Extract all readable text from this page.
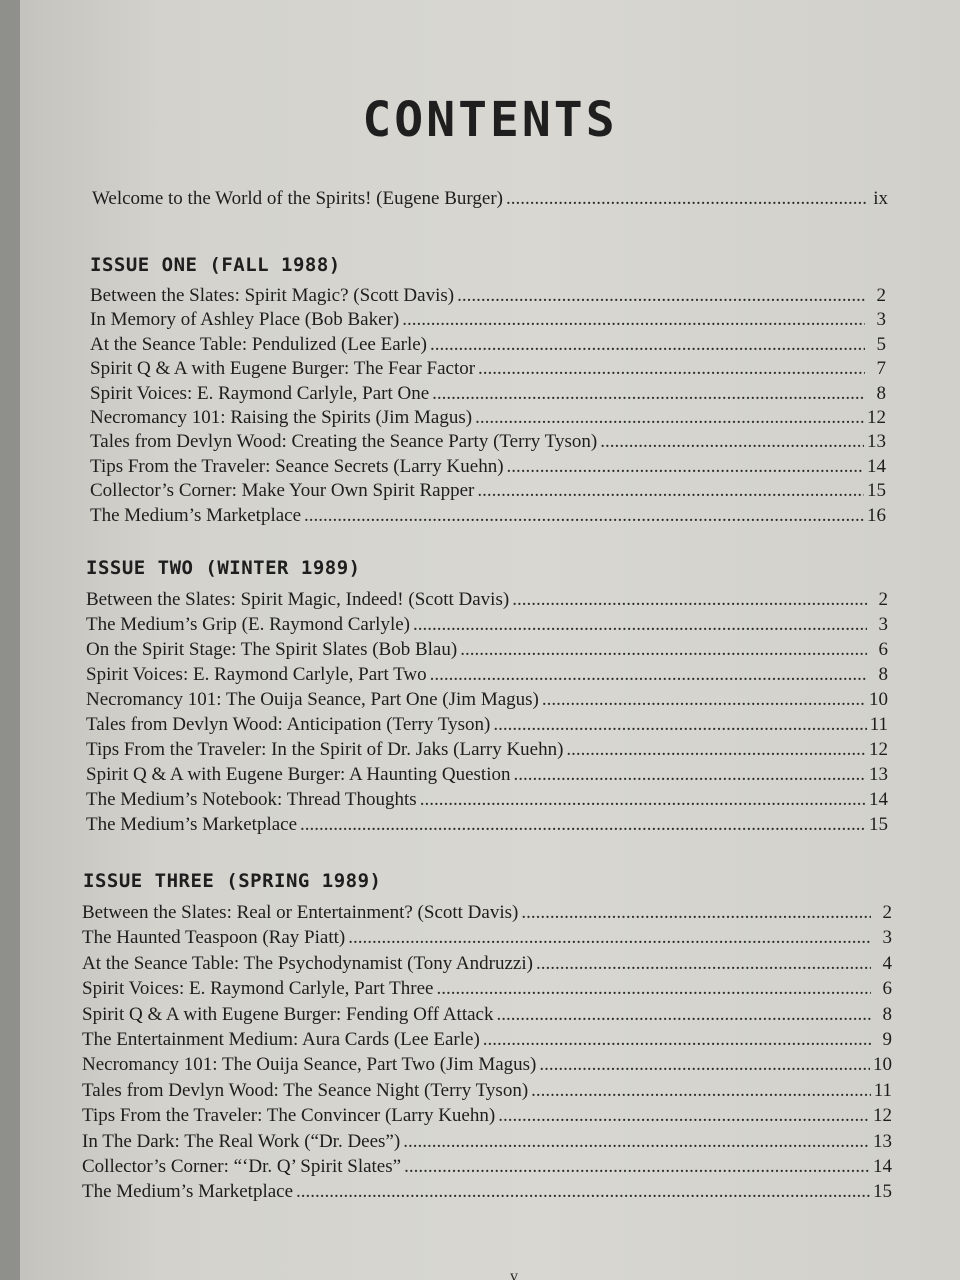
CONTENTS
Welcome to the World of the Spirits! (Eugene Burger) .....	ix
ISSUE ONE (FALL 1988)
ISSUE TWO (WINTER 1989)
ISSUE THREE (SPRING 1989)
Between the Slates: Spirit Magic? (Scott Davis) .....	2
In Memory of Ashley Place (Bob Baker) .....	3
At the Seance Table: Pendulized (Lee Earle) .....	5
Spirit Q & A with Eugene Burger: The Fear Factor .....	7
Spirit Voices: E. Raymond Carlyle, Part One .....	8
Necromancy 101: Raising the Spirits (Jim Magus) .....	12
Tales from Devlyn Wood: Creating the Seance Party (Terry Tyson) .....	13
Tips From the Traveler: Seance Secrets (Larry Kuehn) .....	14
Collector’s Corner: Make Your Own Spirit Rapper .....	15
The Medium’s Marketplace .....	16
Between the Slates: Spirit Magic, Indeed! (Scott Davis) .....	2
The Medium’s Grip (E. Raymond Carlyle) .....	3
On the Spirit Stage: The Spirit Slates (Bob Blau) .....	6
Spirit Voices: E. Raymond Carlyle, Part Two .....	8
Necromancy 101: The Ouija Seance, Part One (Jim Magus) .....	10
Tales from Devlyn Wood: Anticipation (Terry Tyson) .....	11
Tips From the Traveler: In the Spirit of Dr. Jaks (Larry Kuehn) .....	12
Spirit Q & A with Eugene Burger: A Haunting Question .....	13
The Medium’s Notebook: Thread Thoughts .....	14
The Medium’s Marketplace .....	15
Between the Slates: Real or Entertainment? (Scott Davis) .....	2
The Haunted Teaspoon (Ray Piatt) .....	3
At the Seance Table: The Psychodynamist (Tony Andruzzi) .....	4
Spirit Voices: E. Raymond Carlyle, Part Three .....	6
Spirit Q & A with Eugene Burger: Fending Off Attack .....	8
The Entertainment Medium: Aura Cards (Lee Earle) .....	9
Necromancy 101: The Ouija Seance, Part Two (Jim Magus) .....	10
Tales from Devlyn Wood: The Seance Night (Terry Tyson) .....	11
Tips From the Traveler: The Convincer (Larry Kuehn) .....	12
In The Dark: The Real Work (“Dr. Dees”) .....	13
Collector’s Corner: “‘Dr. Q’ Spirit Slates” .....	14
The Medium’s Marketplace .....	15
v
